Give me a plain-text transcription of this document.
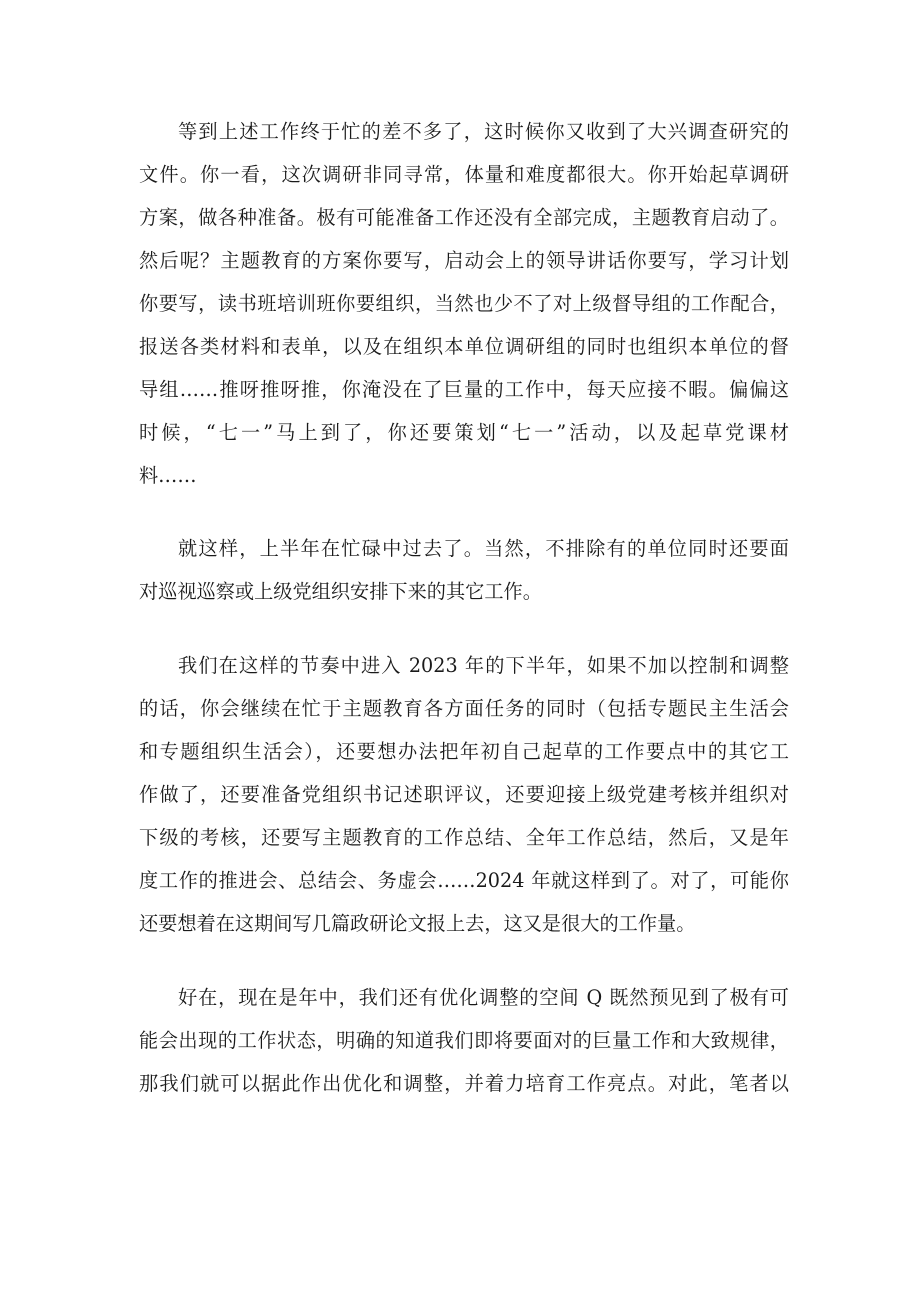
等到上述工作终于忙的差不多了，这时候你又收到了大兴调查研究的
文件。你一看，这次调研非同寻常，体量和难度都很大。你开始起草调研
方案，做各种准备。极有可能准备工作还没有全部完成，主题教育启动了。
然后呢？主题教育的方案你要写，启动会上的领导讲话你要写，学习计划
你要写，读书班培训班你要组织，当然也少不了对上级督导组的工作配合，
报送各类材料和表单，以及在组织本单位调研组的同时也组织本单位的督
导组……推呀推呀推，你淹没在了巨量的工作中，每天应接不暇。偏偏这
时候，“七一”马上到了，你还要策划“七一”活动，以及起草党课材
料……
就这样，上半年在忙碌中过去了。当然，不排除有的单位同时还要面
对巡视巡察或上级党组织安排下来的其它工作。
我们在这样的节奏中进入 2023 年的下半年，如果不加以控制和调整
的话，你会继续在忙于主题教育各方面任务的同时（包括专题民主生活会
和专题组织生活会），还要想办法把年初自己起草的工作要点中的其它工
作做了，还要准备党组织书记述职评议，还要迎接上级党建考核并组织对
下级的考核，还要写主题教育的工作总结、全年工作总结，然后，又是年
度工作的推进会、总结会、务虚会……2024 年就这样到了。对了，可能你
还要想着在这期间写几篇政研论文报上去，这又是很大的工作量。
好在，现在是年中，我们还有优化调整的空间 Q 既然预见到了极有可
能会出现的工作状态，明确的知道我们即将要面对的巨量工作和大致规律，
那我们就可以据此作出优化和调整，并着力培育工作亮点。对此，笔者以
